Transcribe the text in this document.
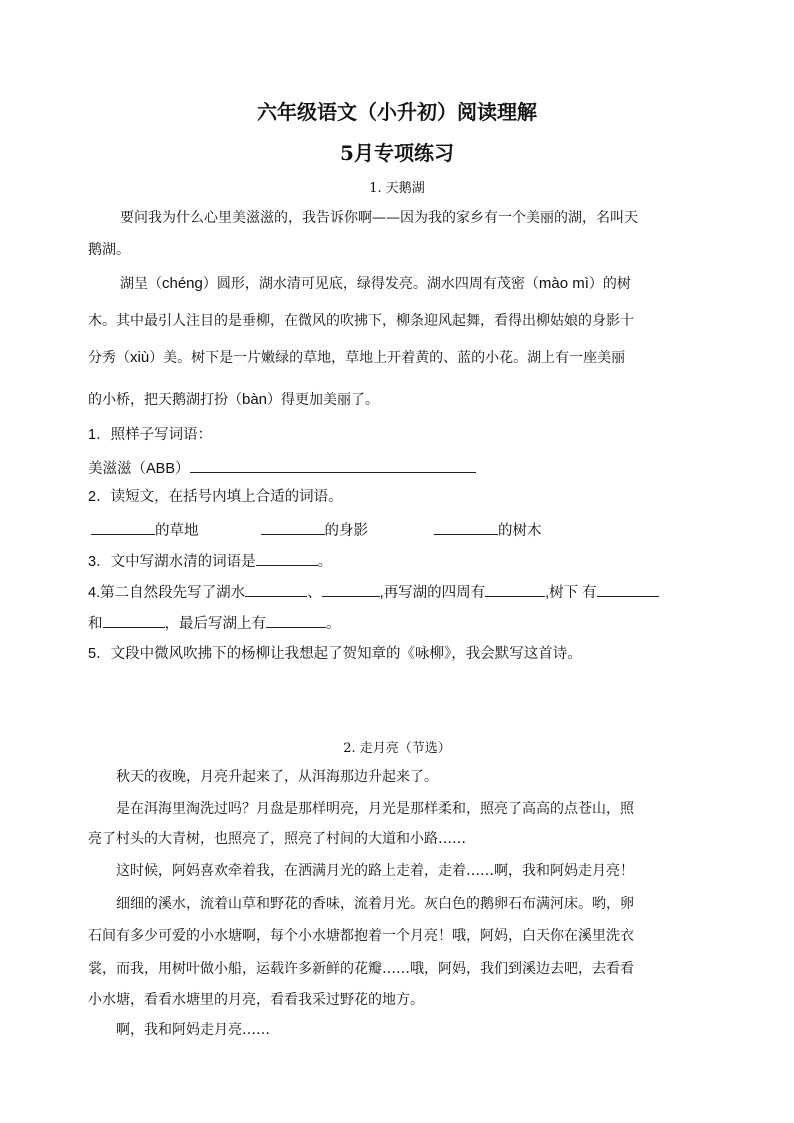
六年级语文（小升初）阅读理解
5月专项练习
1. 天鹅湖
要问我为什么心里美滋滋的，我告诉你啊——因为我的家乡有一个美丽的湖，名叫天
鹅湖。
湖呈（chéng）圆形，湖水清可见底，绿得发亮。湖水四周有茂密（mào mì）的树
木。其中最引人注目的是垂柳，在微风的吹拂下，柳条迎风起舞，看得出柳姑娘的身影十
分秀（xiù）美。树下是一片嫩绿的草地，草地上开着黄的、蓝的小花。湖上有一座美丽
的小桥，把天鹅湖打扮（bàn）得更加美丽了。
1．照样子写词语：
美滋滋（ABB）
2．读短文，在括号内填上合适的词语。
的草地	的身影	的树木
3．文中写湖水清的词语是	。
4.第二自然段先写了湖水	、	,再写湖的四周有	,树下 有
和	，最后写湖上有	。
5．文段中微风吹拂下的杨柳让我想起了贺知章的《咏柳》，我会默写这首诗。
2. 走月亮（节选）
秋天的夜晚，月亮升起来了，从洱海那边升起来了。
是在洱海里淘洗过吗？月盘是那样明亮，月光是那样柔和，照亮了高高的点苍山，照
亮了村头的大青树，也照亮了，照亮了村间的大道和小路……
这时候，阿妈喜欢牵着我，在洒满月光的路上走着，走着……啊，我和阿妈走月亮！
细细的溪水，流着山草和野花的香味，流着月光。灰白色的鹅卵石布满河床。哟，卵
石间有多少可爱的小水塘啊，每个小水塘都抱着一个月亮！哦，阿妈，白天你在溪里洗衣
裳，而我，用树叶做小船，运载许多新鲜的花瓣……哦，阿妈，我们到溪边去吧，去看看
小水塘，看看水塘里的月亮，看看我采过野花的地方。
啊，我和阿妈走月亮……
